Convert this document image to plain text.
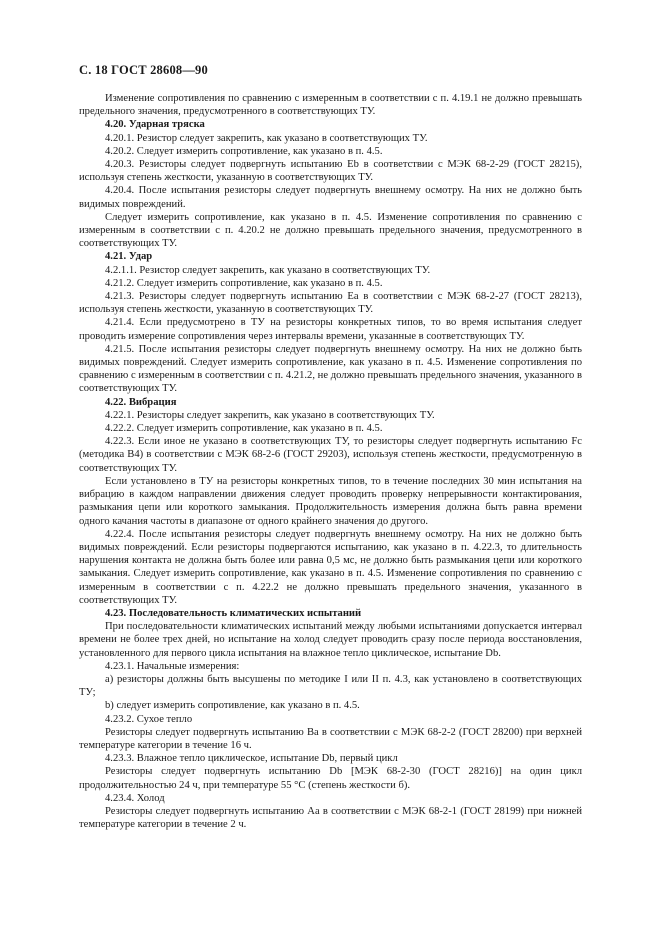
С. 18 ГОСТ 28608—90

Изменение сопротивления по сравнению с измеренным в соответствии с п. 4.19.1 не должно превышать предельного значения, предусмотренного в соответствующих ТУ.

4.20. Ударная тряска

4.20.1. Резистор следует закрепить, как указано в соответствующих ТУ.

4.20.2. Следует измерить сопротивление, как указано в п. 4.5.

4.20.3. Резисторы следует подвергнуть испытанию Eb в соответствии с МЭК 68-2-29 (ГОСТ 28215), используя степень жесткости, указанную в соответствующих ТУ.

4.20.4. После испытания резисторы следует подвергнуть внешнему осмотру. На них не должно быть видимых повреждений.

Следует измерить сопротивление, как указано в п. 4.5. Изменение сопротивления по сравнению с измеренным в соответствии с п. 4.20.2 не должно превышать предельного значения, предусмотренного в соответствующих ТУ.

4.21. Удар

4.2.1.1. Резистор следует закрепить, как указано в соответствующих ТУ.

4.21.2. Следует измерить сопротивление, как указано в п. 4.5.

4.21.3. Резисторы следует подвергнуть испытанию Ea в соответствии с МЭК 68-2-27 (ГОСТ 28213), используя степень жесткости, указанную в соответствующих ТУ.

4.21.4. Если предусмотрено в ТУ на резисторы конкретных типов, то во время испытания следует проводить измерение сопротивления через интервалы времени, указанные в соответствующих ТУ.

4.21.5. После испытания резисторы следует подвергнуть внешнему осмотру. На них не должно быть видимых повреждений. Следует измерить сопротивление, как указано в п. 4.5. Изменение сопротивления по сравнению с измеренным в соответствии с п. 4.21.2, не должно превышать предельного значения, указанного в соответствующих ТУ.

4.22. Вибрация

4.22.1. Резисторы следует закрепить, как указано в соответствующих ТУ.

4.22.2. Следует измерить сопротивление, как указано в п. 4.5.

4.22.3. Если иное не указано в соответствующих ТУ, то резисторы следует подвергнуть испытанию Fc (методика B4) в соответствии с МЭК 68-2-6 (ГОСТ 29203), используя степень жесткости, предусмотренную в соответствующих ТУ.

Если установлено в ТУ на резисторы конкретных типов, то в течение последних 30 мин испытания на вибрацию в каждом направлении движения следует проводить проверку непрерывности контактирования, размыкания цепи или короткого замыкания. Продолжительность измерения должна быть равна времени одного качания частоты в диапазоне от одного крайнего значения до другого.

4.22.4. После испытания резисторы следует подвергнуть внешнему осмотру. На них не должно быть видимых повреждений. Если резисторы подвергаются испытанию, как указано в п. 4.22.3, то длительность нарушения контакта не должна быть более или равна 0,5 мс, не должно быть размыкания цепи или короткого замыкания. Следует измерить сопротивление, как указано в п. 4.5. Изменение сопротивления по сравнению с измеренным в соответствии с п. 4.22.2 не должно превышать предельного значения, указанного в соответствующих ТУ.

4.23. Последовательность климатических испытаний

При последовательности климатических испытаний между любыми испытаниями допускается интервал времени не более трех дней, но испытание на холод следует проводить сразу после периода восстановления, установленного для первого цикла испытания на влажное тепло циклическое, испытание Db.

4.23.1. Начальные измерения:

a) резисторы должны быть высушены по методике I или II п. 4.3, как установлено в соответствующих ТУ;

b) следует измерить сопротивление, как указано в п. 4.5.

4.23.2. Сухое тепло

Резисторы следует подвергнуть испытанию Ba в соответствии с МЭК 68-2-2 (ГОСТ 28200) при верхней температуре категории в течение 16 ч.

4.23.3. Влажное тепло циклическое, испытание Db, первый цикл

Резисторы следует подвергнуть испытанию Db [МЭК 68-2-30 (ГОСТ 28216)] на один цикл продолжительностью 24 ч, при температуре 55 °C (степень жесткости б).

4.23.4. Холод

Резисторы следует подвергнуть испытанию Aa в соответствии с МЭК 68-2-1 (ГОСТ 28199) при нижней температуре категории в течение 2 ч.
